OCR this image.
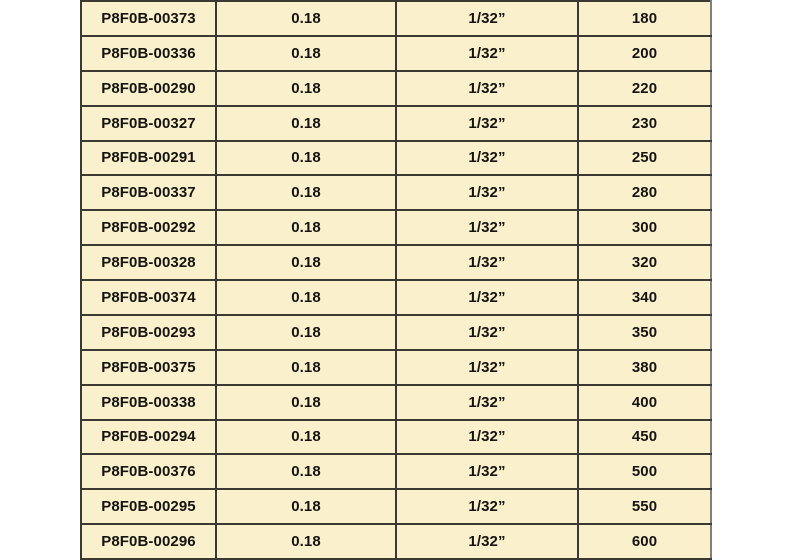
P8F0B-00373	0.18	1/32”	180
P8F0B-00336	0.18	1/32”	200
P8F0B-00290	0.18	1/32”	220
P8F0B-00327	0.18	1/32”	230
P8F0B-00291	0.18	1/32”	250
P8F0B-00337	0.18	1/32”	280
P8F0B-00292	0.18	1/32”	300
P8F0B-00328	0.18	1/32”	320
P8F0B-00374	0.18	1/32”	340
P8F0B-00293	0.18	1/32”	350
P8F0B-00375	0.18	1/32”	380
P8F0B-00338	0.18	1/32”	400
P8F0B-00294	0.18	1/32”	450
P8F0B-00376	0.18	1/32”	500
P8F0B-00295	0.18	1/32”	550
P8F0B-00296	0.18	1/32”	600
